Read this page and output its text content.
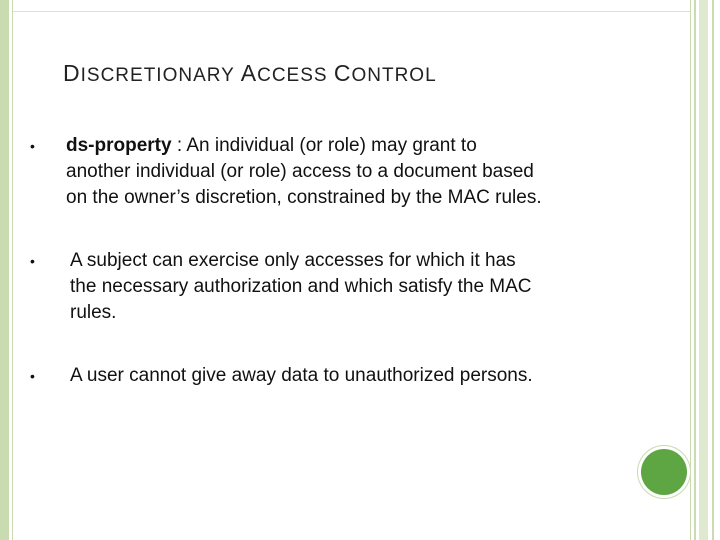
DISCRETIONARY ACCESS CONTROL
• ds-property : An individual (or role) may grant to
another individual (or role) access to a document based
on the owner’s discretion, constrained by the MAC rules.
• A subject can exercise only accesses for which it has
the necessary authorization and which satisfy the MAC
rules.
• A user cannot give away data to unauthorized persons.
